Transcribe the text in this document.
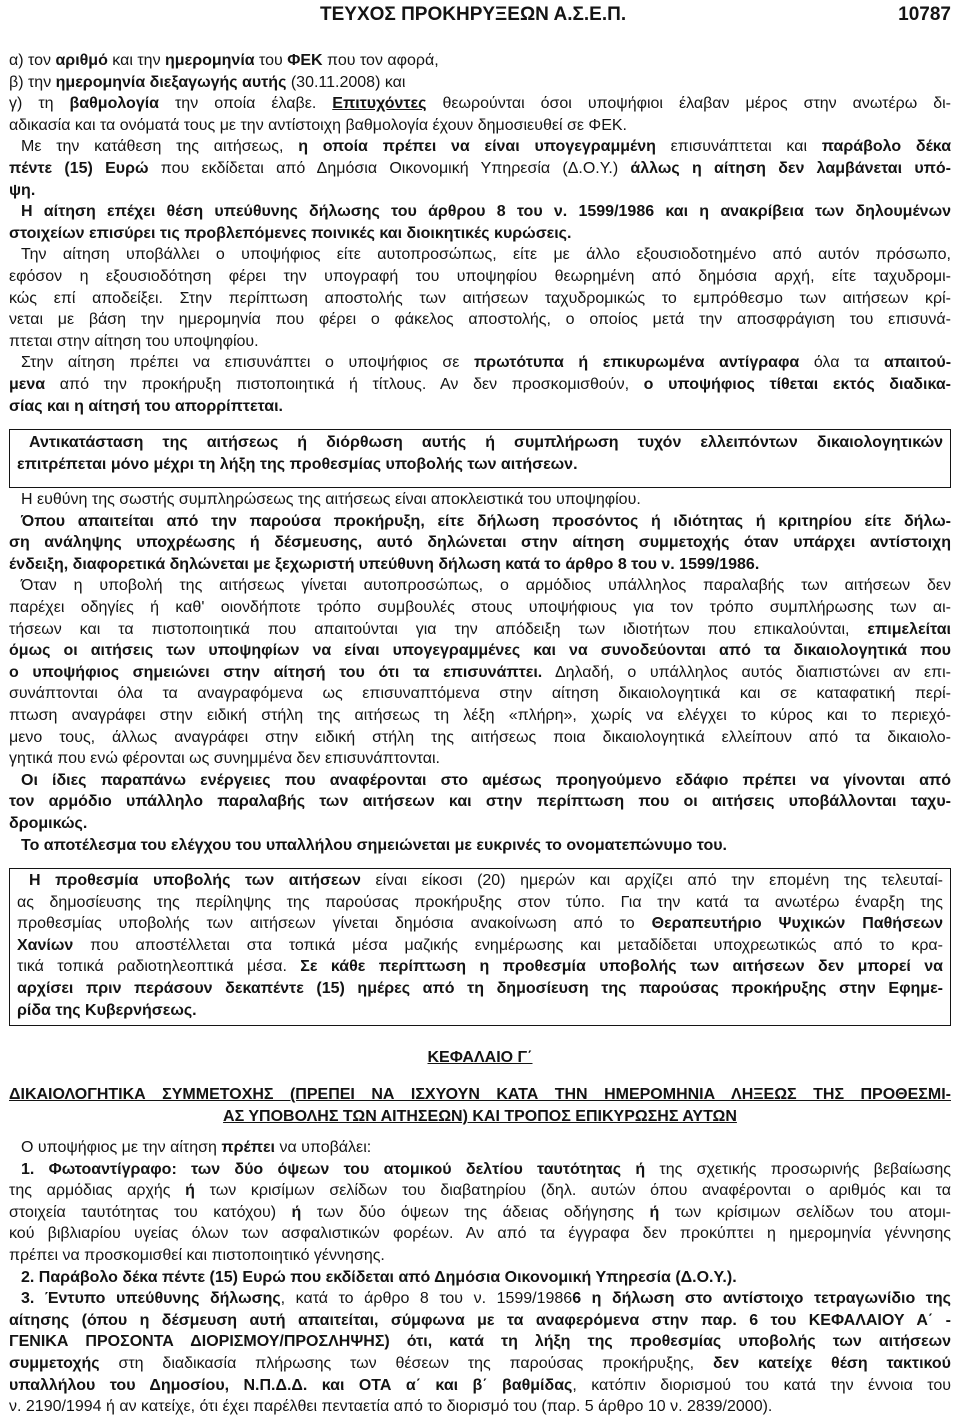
ΤΕΥΧΟΣ ΠΡΟΚΗΡΥΞΕΩΝ Α.Σ.Ε.Π.	10787
α) τον αριθμό και την ημερομηνία του ΦΕΚ που τον αφορά,
β) την ημερομηνία διεξαγωγής αυτής (30.11.2008) και
γ) τη βαθμολογία την οποία έλαβε. Επιτυχόντες θεωρούνται όσοι υποψήφιοι έλαβαν μέρος στην ανωτέρω δι-
αδικασία και τα ονόματά τους με την αντίστοιχη βαθμολογία έχουν δημοσιευθεί σε ΦΕΚ.
Με την κατάθεση της αιτήσεως, η οποία πρέπει να είναι υπογεγραμμένη επισυνάπτεται και παράβολο δέκα
πέντε (15) Ευρώ που εκδίδεται από Δημόσια Οικονομική Υπηρεσία (Δ.Ο.Υ.) άλλως η αίτηση δεν λαμβάνεται υπό-
ψη.
Η αίτηση επέχει θέση υπεύθυνης δήλωσης του άρθρου 8 του ν. 1599/1986 και η ανακρίβεια των δηλουμένων
στοιχείων επισύρει τις προβλεπόμενες ποινικές και διοικητικές κυρώσεις.
Την αίτηση υποβάλλει ο υποψήφιος είτε αυτοπροσώπως, είτε με άλλο εξουσιοδοτημένο από αυτόν πρόσωπο,
εφόσον η εξουσιοδότηση φέρει την υπογραφή του υποψηφίου θεωρημένη από δημόσια αρχή, είτε ταχυδρομι-
κώς επί αποδείξει. Στην περίπτωση αποστολής των αιτήσεων ταχυδρομικώς το εμπρόθεσμο των αιτήσεων κρί-
νεται με βάση την ημερομηνία που φέρει ο φάκελος αποστολής, ο οποίος μετά την αποσφράγιση του επισυνά-
πτεται στην αίτηση του υποψηφίου.
Στην αίτηση πρέπει να επισυνάπτει ο υποψήφιος σε πρωτότυπα ή επικυρωμένα αντίγραφα όλα τα απαιτού-
μενα από την προκήρυξη πιστοποιητικά ή τίτλους. Αν δεν προσκομισθούν, ο υποψήφιος τίθεται εκτός διαδικα-
σίας και η αίτησή του απορρίπτεται.
Αντικατάσταση της αιτήσεως ή διόρθωση αυτής ή συμπλήρωση τυχόν ελλειπόντων δικαιολογητικών
επιτρέπεται μόνο μέχρι τη λήξη της προθεσμίας υποβολής των αιτήσεων.
Η ευθύνη της σωστής συμπληρώσεως της αιτήσεως είναι αποκλειστικά του υποψηφίου.
Όπου απαιτείται από την παρούσα προκήρυξη, είτε δήλωση προσόντος ή ιδιότητας ή κριτηρίου είτε δήλω-
ση ανάληψης υποχρέωσης ή δέσμευσης, αυτό δηλώνεται στην αίτηση συμμετοχής όταν υπάρχει αντίστοιχη
ένδειξη, διαφορετικά δηλώνεται με ξεχωριστή υπεύθυνη δήλωση κατά το άρθρο 8 του ν. 1599/1986.
Όταν η υποβολή της αιτήσεως γίνεται αυτοπροσώπως, ο αρμόδιος υπάλληλος παραλαβής των αιτήσεων δεν
παρέχει οδηγίες ή καθ' οιονδήποτε τρόπο συμβουλές στους υποψήφιους για τον τρόπο συμπλήρωσης των αι-
τήσεων και τα πιστοποιητικά που απαιτούνται για την απόδειξη των ιδιοτήτων που επικαλούνται, επιμελείται
όμως οι αιτήσεις των υποψηφίων να είναι υπογεγραμμένες και να συνοδεύονται από τα δικαιολογητικά που
ο υποψήφιος σημειώνει στην αίτησή του ότι τα επισυνάπτει. Δηλαδή, ο υπάλληλος αυτός διαπιστώνει αν επι-
συνάπτονται όλα τα αναγραφόμενα ως επισυναπτόμενα στην αίτηση δικαιολογητικά και σε καταφατική περί-
πτωση αναγράφει στην ειδική στήλη της αιτήσεως τη λέξη «πλήρη», χωρίς να ελέγχει το κύρος και το περιεχό-
μενο τους, άλλως αναγράφει στην ειδική στήλη της αιτήσεως ποια δικαιολογητικά ελλείπουν από τα δικαιολο-
γητικά που ενώ φέρονται ως συνημμένα δεν επισυνάπτονται.
Οι ίδιες παραπάνω ενέργειες που αναφέρονται στο αμέσως προηγούμενο εδάφιο πρέπει να γίνονται από
τον αρμόδιο υπάλληλο παραλαβής των αιτήσεων και στην περίπτωση που οι αιτήσεις υποβάλλονται ταχυ-
δρομικώς.
Το αποτέλεσμα του ελέγχου του υπαλλήλου σημειώνεται με ευκρινές το ονοματεπώνυμο του.
Η προθεσμία υποβολής των αιτήσεων είναι είκοσι (20) ημερών και αρχίζει από την επομένη της τελευταί-
ας δημοσίευσης της περίληψης της παρούσας προκήρυξης στον τύπο. Για την κατά τα ανωτέρω έναρξη της
προθεσμίας υποβολής των αιτήσεων γίνεται δημόσια ανακοίνωση από το Θεραπευτήριο Ψυχικών Παθήσεων
Χανίων που αποστέλλεται στα τοπικά μέσα μαζικής ενημέρωσης και μεταδίδεται υποχρεωτικώς από το κρα-
τικά τοπικά ραδιοτηλεοπτικά μέσα. Σε κάθε περίπτωση η προθεσμία υποβολής των αιτήσεων δεν μπορεί να
αρχίσει πριν περάσουν δεκαπέντε (15) ημέρες από τη δημοσίευση της παρούσας προκήρυξης στην Εφημε-
ρίδα της Κυβερνήσεως.
ΚΕΦΑΛΑΙΟ Γ΄
ΔΙΚΑΙΟΛΟΓΗΤΙΚΑ ΣΥΜΜΕΤΟΧΗΣ (ΠΡΕΠΕΙ ΝΑ ΙΣΧΥΟΥΝ ΚΑΤΑ ΤΗΝ ΗΜΕΡΟΜΗΝΙΑ ΛΗΞΕΩΣ ΤΗΣ ΠΡΟΘΕΣΜΙ-
ΑΣ ΥΠΟΒΟΛΗΣ ΤΩΝ ΑΙΤΗΣΕΩΝ) ΚΑΙ ΤΡΟΠΟΣ ΕΠΙΚΥΡΩΣΗΣ ΑΥΤΩΝ
Ο υποψήφιος με την αίτηση πρέπει να υποβάλει:
1. Φωτοαντίγραφο: των δύο όψεων του ατομικού δελτίου ταυτότητας ή της σχετικής προσωρινής βεβαίωσης
της αρμόδιας αρχής ή των κρισίμων σελίδων του διαβατηρίου (δηλ. αυτών όπου αναφέρονται ο αριθμός και τα
στοιχεία ταυτότητας του κατόχου) ή των δύο όψεων της άδειας οδήγησης ή των κρίσιμων σελίδων του ατομι-
κού βιβλιαρίου υγείας όλων των ασφαλιστικών φορέων. Αν από τα έγγραφα δεν προκύπτει η ημερομηνία γέννησης
πρέπει να προσκομισθεί και πιστοποιητικό γέννησης.
2. Παράβολο δέκα πέντε (15) Ευρώ που εκδίδεται από Δημόσια Οικονομική Υπηρεσία (Δ.Ο.Υ.).
3. Έντυπο υπεύθυνης δήλωσης, κατά το άρθρο 8 του ν. 1599/19866 η δήλωση στο αντίστοιχο τετραγωνίδιο της
αίτησης (όπου η δέσμευση αυτή απαιτείται, σύμφωνα με τα αναφερόμενα στην παρ. 6 του ΚΕΦΑΛΑΙΟΥ Α΄ -
ΓΕΝΙΚΑ ΠΡΟΣΟΝΤΑ ΔΙΟΡΙΣΜΟΥ/ΠΡΟΣΛΗΨΗΣ) ότι, κατά τη λήξη της προθεσμίας υποβολής των αιτήσεων
συμμετοχής στη διαδικασία πλήρωσης των θέσεων της παρούσας προκήρυξης, δεν κατείχε θέση τακτικού
υπαλλήλου του Δημοσίου, Ν.Π.Δ.Δ. και ΟΤΑ α΄ και β΄ βαθμίδας, κατόπιν διορισμού του κατά την έννοια του
ν. 2190/1994 ή αν κατείχε, ότι έχει παρέλθει πενταετία από το διορισμό του (παρ. 5 άρθρο 10 ν. 2839/2000).
